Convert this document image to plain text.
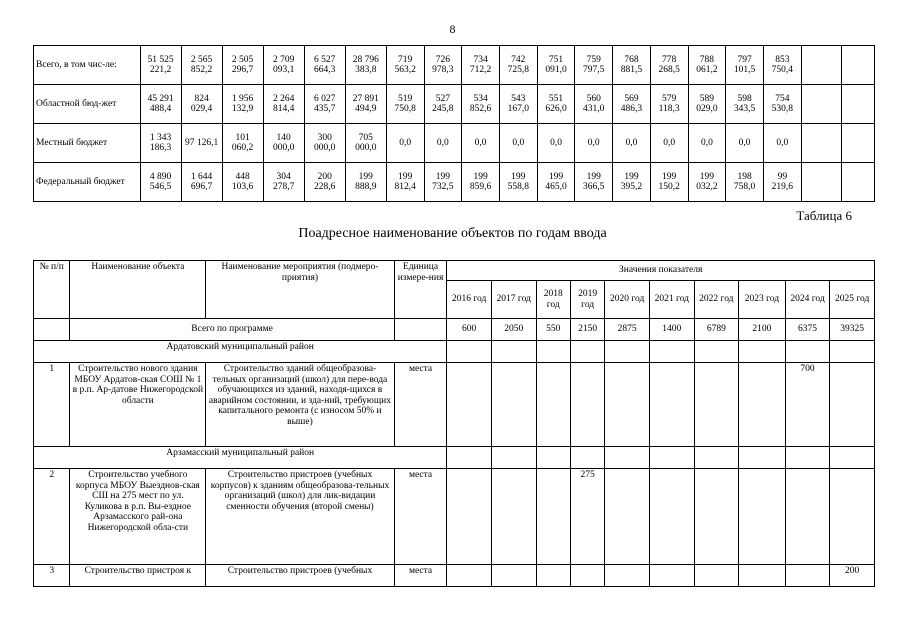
8
Всего, в том чис-ле:	51 525 221,2	2 565 852,2	2 505 296,7	2 709 093,1	6 527 664,3	28 796 383,8	719 563,2	726 978,3	734 712,2	742 725,8	751 091,0	759 797,5	768 881,5	778 268,5	788 061,2	797 101,5	853 750,4		
Областной бюд-жет	45 291 488,4	824 029,4	1 956 132,9	2 264 814,4	6 027 435,7	27 891 494,9	519 750,8	527 245,8	534 852,6	543 167,0	551 626,0	560 431,0	569 486,3	579 118,3	589 029,0	598 343,5	754 530,8		
Местный бюджет	1 343 186,3	97 126,1	101 060,2	140 000,0	300 000,0	705 000,0	0,0	0,0	0,0	0,0	0,0	0,0	0,0	0,0	0,0	0,0	0,0		
Федеральный бюджет	4 890 546,5	1 644 696,7	448 103,6	304 278,7	200 228,6	199 888,9	199 812,4	199 732,5	199 859,6	199 558,8	199 465,0	199 366,5	199 395,2	199 150,2	199 032,2	198 758,0	99 219,6		
Таблица 6
Поадресное наименование объектов по годам ввода
№ п/п	Наименование объекта	Наименование мероприятия (подмеро-приятия)	Единица измере-ния	Значения показателя									
				2016 год	2017 год	2018 год	2019 год	2020 год	2021 год	2022 год	2023 год	2024 год	2025 год
	Всего по программе			600	2050	550	2150	2875	1400	6789	2100	6375	39325
Ардатовский муниципальный район													
1	Строительство нового здания МБОУ Ардатов-ская СОШ № 1 в р.п. Ар-датове Нижегородской области	Строительство зданий общеобразова-тельных организаций (школ) для пере-вода обучающихся из зданий, находя-щихся в аварийном состоянии, и зда-ний, требующих капитального ремонта (с износом 50% и выше)	места									700	
Арзамасский муниципальный район													
2	Строительство учебного корпуса МБОУ Выезднов-ская СШ на 275 мест по ул. Куликова в р.п. Вы-ездное Арзамасского рай-она Нижегородской обла-сти	Строительство пристроев (учебных корпусов) к зданиям общеобразова-тельных организаций (школ) для лик-видации сменности обучения (второй смены)	места				275						
3	Строительство пристроя к	Строительство пристроев (учебных	места										200
